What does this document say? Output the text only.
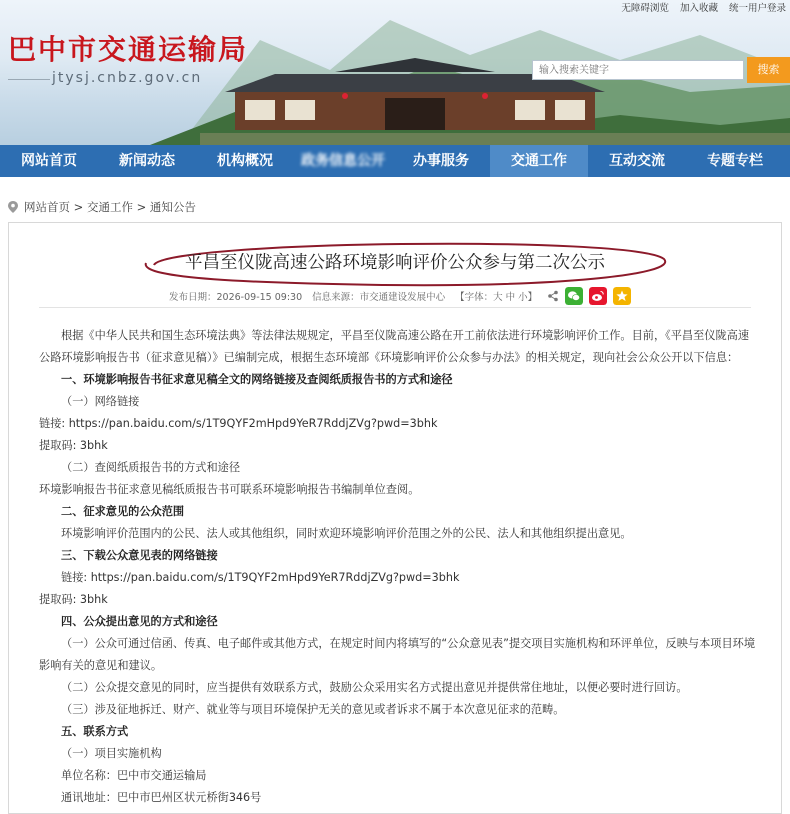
巴中市交通运输局
jtysj.cnbz.gov.cn
输入搜索关键字
搜索
无障碍浏览 加入收藏 统一用户登录
网站首页	新闻动态	机构概况	政务信息公开	办事服务	交通工作	互动交流	专题专栏
网站首页
>
交通工作
>
通知公告
平昌至仪陇高速公路环境影响评价公众参与第二次公示
发布日期：2026-09-15 09:30 信息来源：市交通建设发展中心 【字体：大 中 小】

根据《中华人民共和国生态环境法典》等法律法规规定，平昌至仪陇高速公路在开工前依法进行环境影响评价工作。目前，《平昌至仪陇高速公路环境影响报告书（征求意见稿）》已编制完成，根据生态环境部《环境影响评价公众参与办法》的相关规定，现向社会公众公开以下信息：

一、环境影响报告书征求意见稿全文的网络链接及查阅纸质报告书的方式和途径

（一）网络链接

链接: https://pan.baidu.com/s/1T9QYF2mHpd9YeR7RddjZVg?pwd=3bhk

提取码: 3bhk

（二）查阅纸质报告书的方式和途径

环境影响报告书征求意见稿纸质报告书可联系环境影响报告书编制单位查阅。

二、征求意见的公众范围

环境影响评价范围内的公民、法人或其他组织，同时欢迎环境影响评价范围之外的公民、法人和其他组织提出意见。

三、下载公众意见表的网络链接

链接: https://pan.baidu.com/s/1T9QYF2mHpd9YeR7RddjZVg?pwd=3bhk

提取码: 3bhk

四、公众提出意见的方式和途径

（一）公众可通过信函、传真、电子邮件或其他方式，在规定时间内将填写的“公众意见表”提交项目实施机构和环评单位，反映与本项目环境影响有关的意见和建议。

（二）公众提交意见的同时，应当提供有效联系方式，鼓励公众采用实名方式提出意见并提供常住地址，以便必要时进行回访。

（三）涉及征地拆迁、财产、就业等与项目环境保护无关的意见或者诉求不属于本次意见征求的范畴。

五、联系方式

（一）项目实施机构

单位名称：巴中市交通运输局

通讯地址：巴中市巴州区状元桥街346号
